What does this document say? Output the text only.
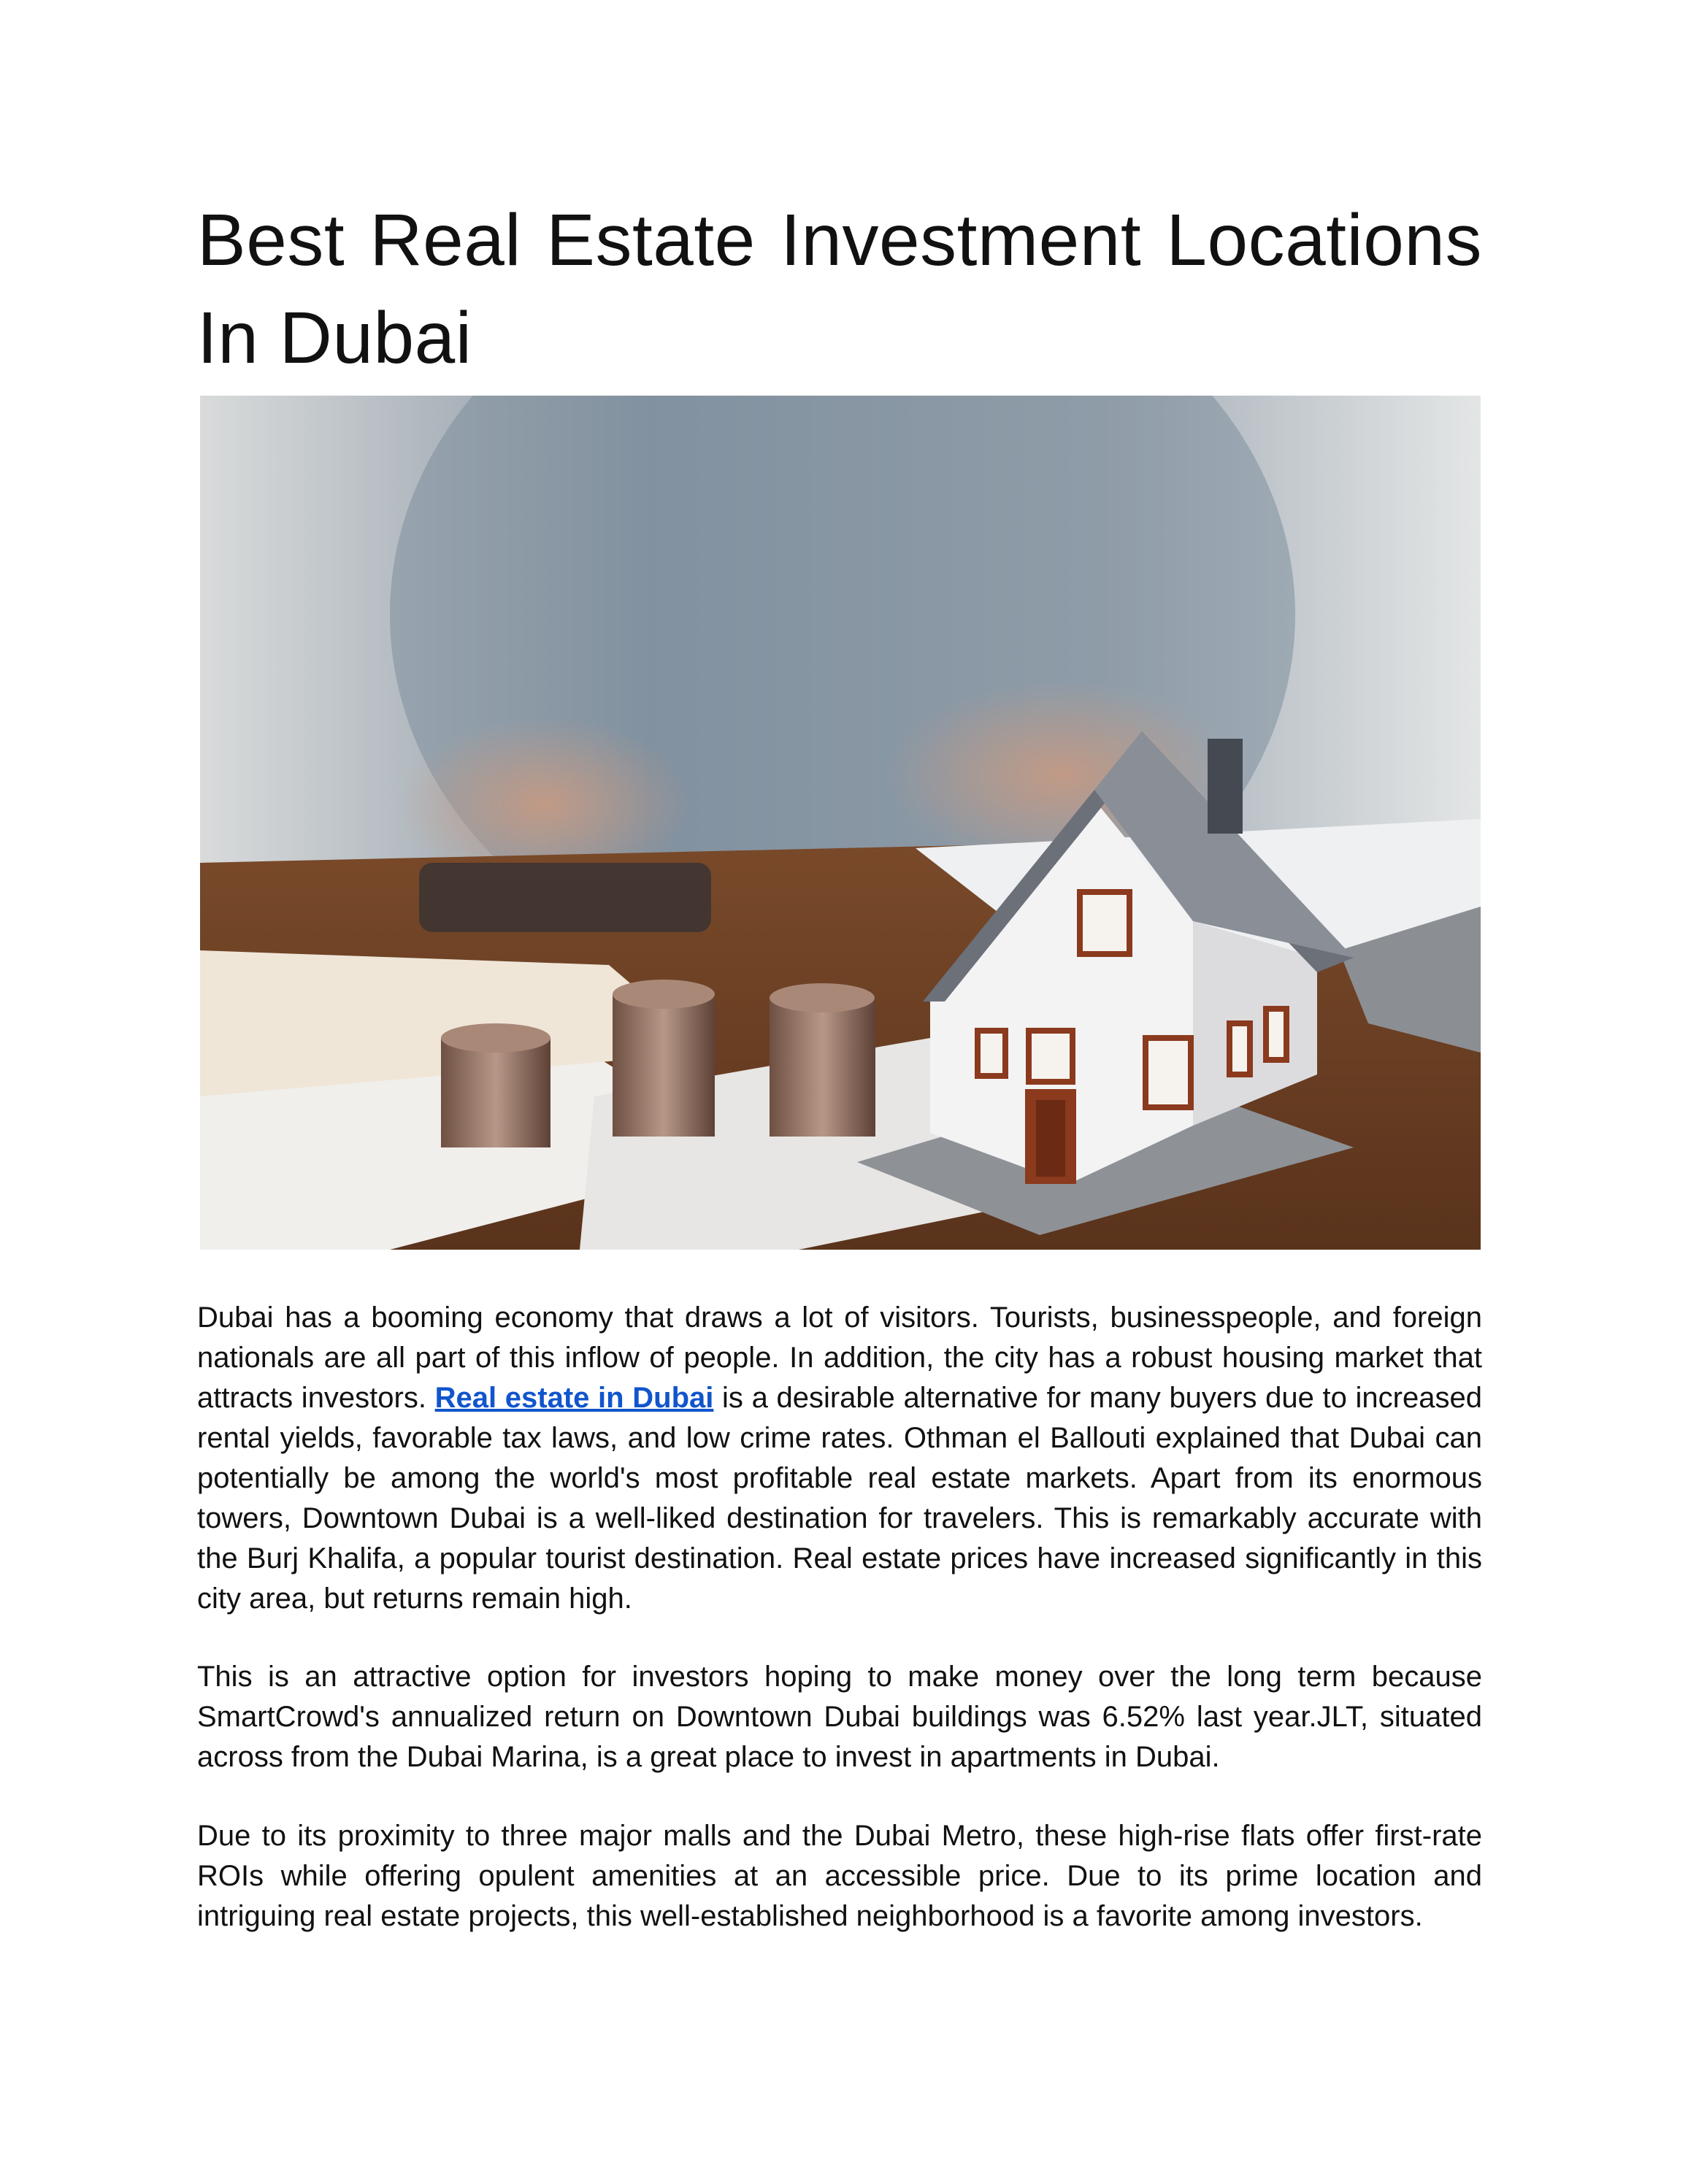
Best Real Estate Investment Locations In Dubai

Dubai has a booming economy that draws a lot of visitors. Tourists, businesspeople, and foreign nationals are all part of this inflow of people. In addition, the city has a robust housing market that attracts investors. Real estate in Dubai is a desirable alternative for many buyers due to increased rental yields, favorable tax laws, and low crime rates. Othman el Ballouti explained that Dubai can potentially be among the world's most profitable real estate markets. Apart from its enormous towers, Downtown Dubai is a well-liked destination for travelers. This is remarkably accurate with the Burj Khalifa, a popular tourist destination. Real estate prices have increased significantly in this city area, but returns remain high.

This is an attractive option for investors hoping to make money over the long term because SmartCrowd's annualized return on Downtown Dubai buildings was 6.52% last year.JLT, situated across from the Dubai Marina, is a great place to invest in apartments in Dubai.

Due to its proximity to three major malls and the Dubai Metro, these high-rise flats offer first-rate ROIs while offering opulent amenities at an accessible price. Due to its prime location and intriguing real estate projects, this well-established neighborhood is a favorite among investors.
